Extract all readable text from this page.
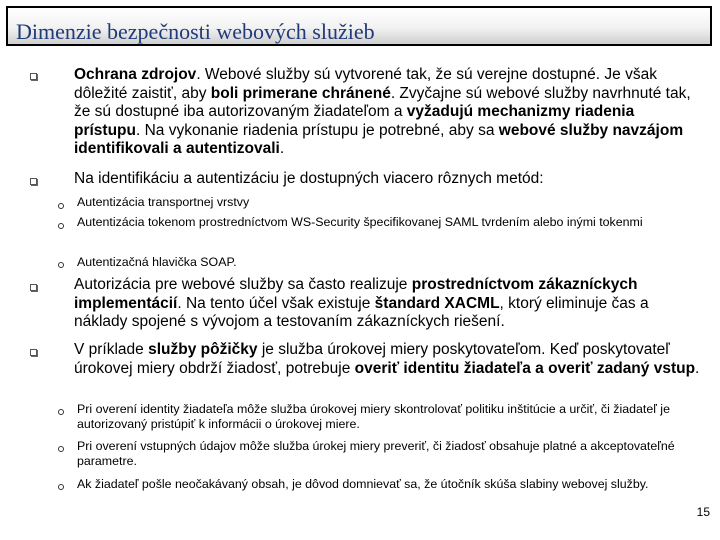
Dimenzie bezpečnosti webových služieb
Ochrana zdrojov. Webové služby sú vytvorené tak, že sú verejne dostupné. Je však dôležité zaistiť, aby boli primerane chránené. Zvyčajne sú webové služby navrhnuté tak, že sú dostupné iba autorizovaným žiadateľom a vyžadujú mechanizmy riadenia prístupu. Na vykonanie riadenia prístupu je potrebné, aby sa webové služby navzájom identifikovali a autentizovali.
Na identifikáciu a autentizáciu je dostupných viacero rôznych metód:
Autentizácia transportnej vrstvy
Autentizácia tokenom prostredníctvom WS-Security špecifikovanej SAML tvrdením alebo inými tokenmi
Autentizačná hlavička SOAP.
Autorizácia pre webové služby sa často realizuje prostredníctvom zákazníckych implementácií. Na tento účel však existuje štandard XACML, ktorý eliminuje čas a náklady spojené s vývojom a testovaním zákazníckych riešení.
V príklade služby pôžičky je služba úrokovej miery poskytovateľom. Keď poskytovateľ úrokovej miery obdrží žiadosť, potrebuje overiť identitu žiadateľa a overiť zadaný vstup.
Pri overení identity žiadateľa môže služba úrokovej miery skontrolovať politiku inštitúcie a určiť, či žiadateľ je autorizovaný pristúpiť k informácii o úrokovej miere.
Pri overení vstupných údajov môže služba úrokej miery preveriť, či žiadosť obsahuje platné a akceptovateľné parametre.
Ak žiadateľ pošle neočakávaný obsah, je dôvod domnievať sa, že útočník skúša slabiny webovej služby.
15
